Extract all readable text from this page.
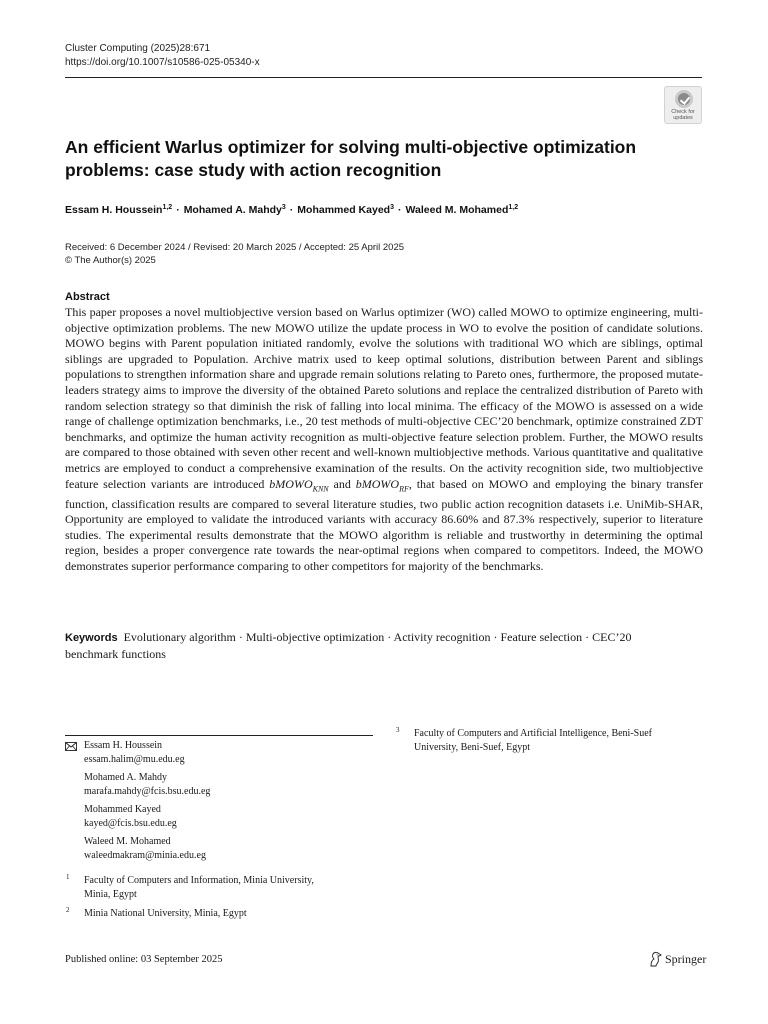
Cluster Computing (2025)28:671
https://doi.org/10.1007/s10586-025-05340-x
Check for
updates
An efficient Warlus optimizer for solving multi-objective optimization problems: case study with action recognition
Essam H. Houssein$^{1,2}$ · Mohamed A. Mahdy$^3$ · Mohammed Kayed$^3$ · Waleed M. Mohamed$^{1,2}$
Received: 6 December 2024 / Revised: 20 March 2025 / Accepted: 25 April 2025
© The Author(s) 2025
Abstract

This paper proposes a novel multiobjective version based on Warlus optimizer (WO) called MOWO to optimize engineering, multi-objective optimization problems. The new MOWO utilize the update process in WO to evolve the position of candidate solutions. MOWO begins with Parent population initiated randomly, evolve the solutions with traditional WO which are siblings, optimal siblings are upgraded to Population. Archive matrix used to keep optimal solutions, distribution between Parent and siblings populations to strengthen information share and upgrade remain solutions relating to Pareto ones, furthermore, the proposed mutate-leaders strategy aims to improve the diversity of the obtained Pareto solutions and replace the centralized distribution of Pareto with random selection strategy so that diminish the risk of falling into local minima. The efficacy of the MOWO is assessed on a wide range of challenge optimization benchmarks, i.e., 20 test methods of multi-objective CEC’20 benchmark, optimize constrained ZDT benchmarks, and optimize the human activity recognition as multi-objective feature selection problem. Further, the MOWO results are compared to those obtained with seven other recent and well-known multiobjective methods. Various quantitative and qualitative metrics are employed to conduct a comprehensive examination of the results. On the activity recognition side, two multiobjective feature selection variants are introduced bMOWO$_{KNN}$ and bMOWO$_{RF}$, that based on MOWO and employing the binary transfer function, classification results are compared to several literature studies, two public action recognition datasets i.e. UniMib-SHAR, Opportunity are employed to validate the introduced variants with accuracy 86.60% and 87.3% respectively, superior to literature studies. The experimental results demonstrate that the MOWO algorithm is reliable and trustworthy in determining the optimal region, besides a proper convergence rate towards the near-optimal regions when compared to competitors. Indeed, the MOWO demonstrates superior performance comparing to other competitors for majority of the benchmarks.

Keywords Evolutionary algorithm · Multi-objective optimization · Activity recognition · Feature selection · CEC’20 benchmark functions
Essam H. Houssein
essam.halim@mu.edu.eg
Mohamed A. Mahdy
marafa.mahdy@fcis.bsu.edu.eg
Mohammed Kayed
kayed@fcis.bsu.edu.eg
Waleed M. Mohamed
waleedmakram@minia.edu.eg
1 Faculty of Computers and Information, Minia University,
Minia, Egypt
2 Minia National University, Minia, Egypt
3 Faculty of Computers and Artificial Intelligence, Beni-Suef
University, Beni-Suef, Egypt
Published online: 03 September 2025	Springer
